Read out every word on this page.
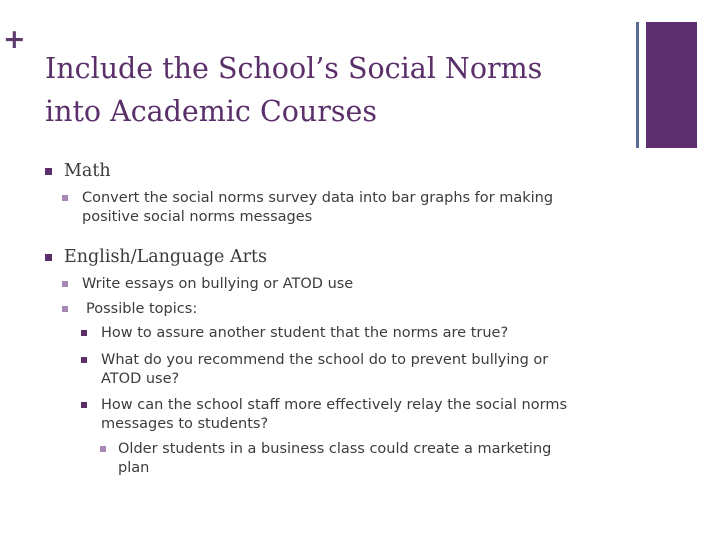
+
Include the School’s Social Norms
into Academic Courses
Math
Convert the social norms survey data into bar graphs for making
positive social norms messages
English/Language Arts
Write essays on bullying or ATOD use
Possible topics:
How to assure another student that the norms are true?
What do you recommend the school do to prevent bullying or
ATOD use?
How can the school staff more effectively relay the social norms
messages to students?
Older students in a business class could create a marketing
plan
